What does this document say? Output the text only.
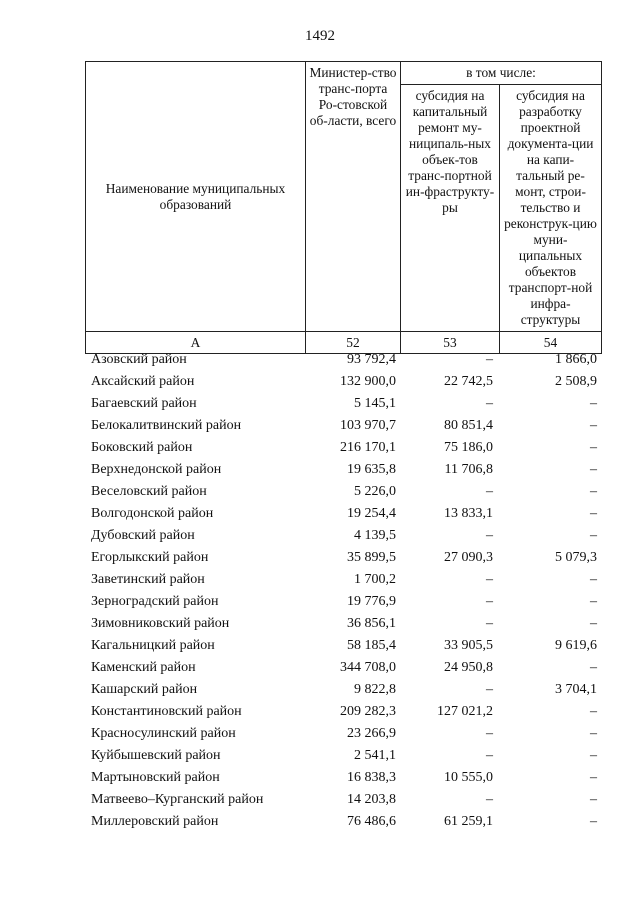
1492
Наименование муниципальных образований	Министер-ство транс-порта Ро-стовской об-ласти, всего	в том числе:	
		субсидия на капитальный ремонт му-ниципаль-ных объек-тов транс-портной ин-фраструкту-ры	субсидия на разработку проектной документа-ции на капи-тальный ре-монт, строи-тельство и реконструк-цию муни-ципальных объектов транспорт-ной инфра-структуры
А	52	53	54
Азовский район	93 792,4	–	1 866,0
Аксайский район	132 900,0	22 742,5	2 508,9
Багаевский район	5 145,1	–	–
Белокалитвинский район	103 970,7	80 851,4	–
Боковский район	216 170,1	75 186,0	–
Верхнедонской район	19 635,8	11 706,8	–
Веселовский район	5 226,0	–	–
Волгодонской район	19 254,4	13 833,1	–
Дубовский район	4 139,5	–	–
Егорлыкский район	35 899,5	27 090,3	5 079,3
Заветинский район	1 700,2	–	–
Зерноградский район	19 776,9	–	–
Зимовниковский район	36 856,1	–	–
Кагальницкий район	58 185,4	33 905,5	9 619,6
Каменский район	344 708,0	24 950,8	–
Кашарский район	9 822,8	–	3 704,1
Константиновский район	209 282,3	127 021,2	–
Красносулинский район	23 266,9	–	–
Куйбышевский район	2 541,1	–	–
Мартыновский район	16 838,3	10 555,0	–
Матвеево–Курганский район	14 203,8	–	–
Миллеровский район	76 486,6	61 259,1	–
